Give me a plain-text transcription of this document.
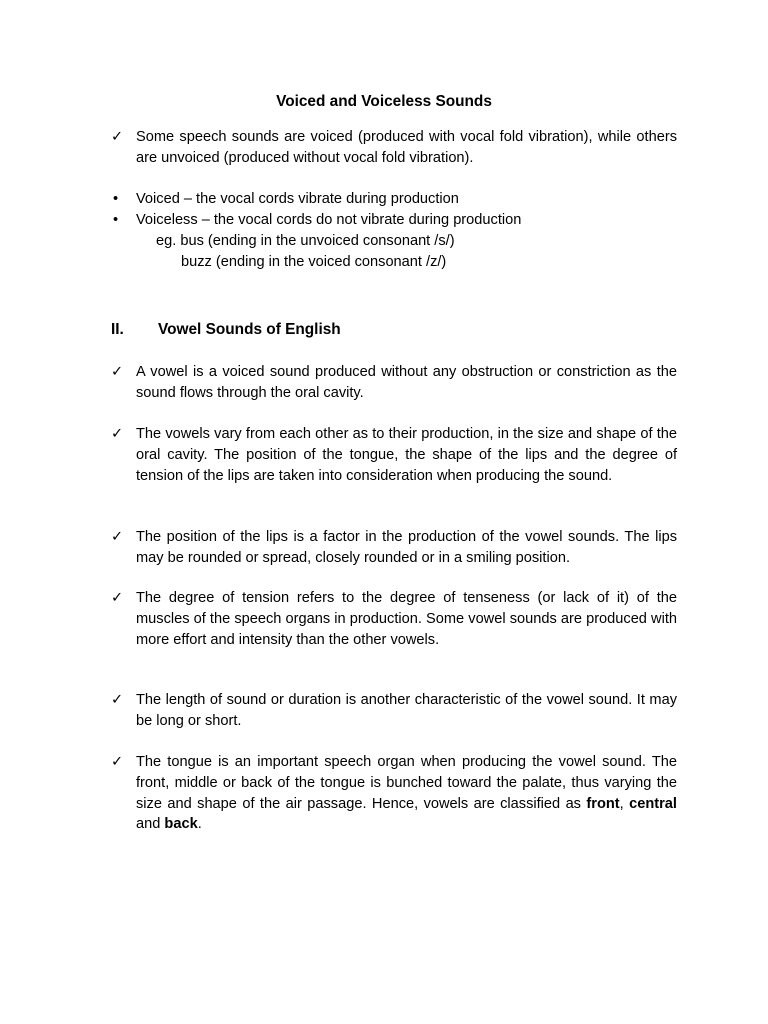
Voiced and Voiceless Sounds
✓ Some speech sounds are voiced (produced with vocal fold vibration), while others are unvoiced (produced without vocal fold vibration).
• Voiced – the vocal cords vibrate during production
• Voiceless – the vocal cords do not vibrate during production
eg. bus (ending in the unvoiced consonant /s/)
buzz (ending in the voiced consonant /z/)
II. Vowel Sounds of English
✓ A vowel is a voiced sound produced without any obstruction or constriction as the sound flows through the oral cavity.
✓ The vowels vary from each other as to their production, in the size and shape of the oral cavity. The position of the tongue, the shape of the lips and the degree of tension of the lips are taken into consideration when producing the sound.
✓ The position of the lips is a factor in the production of the vowel sounds. The lips may be rounded or spread, closely rounded or in a smiling position.
✓ The degree of tension refers to the degree of tenseness (or lack of it) of the muscles of the speech organs in production. Some vowel sounds are produced with more effort and intensity than the other vowels.
✓ The length of sound or duration is another characteristic of the vowel sound. It may be long or short.
✓ The tongue is an important speech organ when producing the vowel sound. The front, middle or back of the tongue is bunched toward the palate, thus varying the size and shape of the air passage. Hence, vowels are classified as front, central and back.
